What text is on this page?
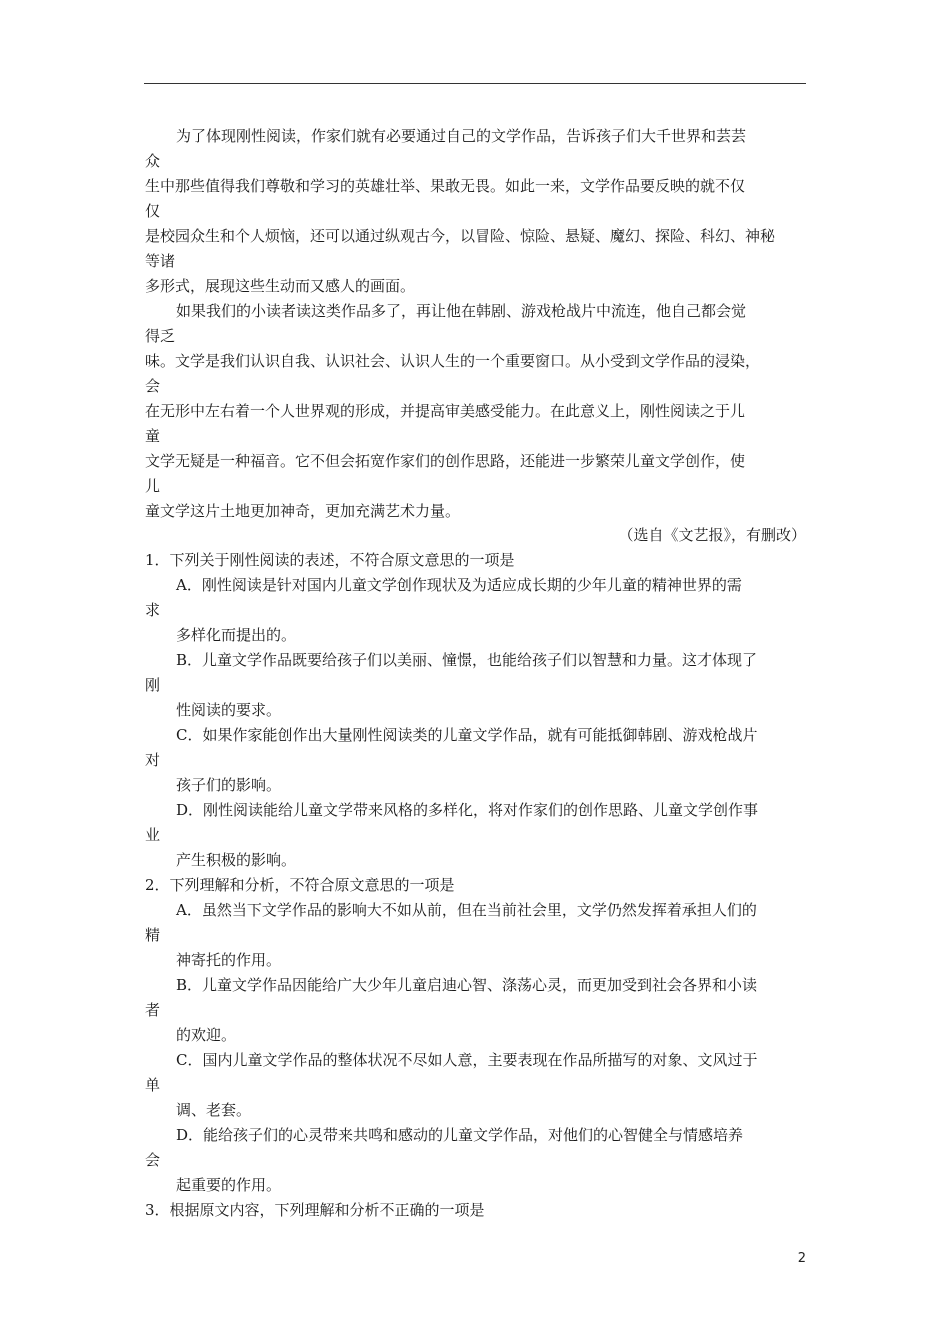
为了体现刚性阅读，作家们就有必要通过自己的文学作品，告诉孩子们大千世界和芸芸
众
生中那些值得我们尊敬和学习的英雄壮举、果敢无畏。如此一来，文学作品要反映的就不仅
仅
是校园众生和个人烦恼，还可以通过纵观古今，以冒险、惊险、悬疑、魔幻、探险、科幻、神秘
等诸
多形式，展现这些生动而又感人的画面。
如果我们的小读者读这类作品多了，再让他在韩剧、游戏枪战片中流连，他自己都会觉
得乏
味。文学是我们认识自我、认识社会、认识人生的一个重要窗口。从小受到文学作品的浸染，
会
在无形中左右着一个人世界观的形成，并提高审美感受能力。在此意义上，刚性阅读之于儿
童
文学无疑是一种福音。它不但会拓宽作家们的创作思路，还能进一步繁荣儿童文学创作，使
儿
童文学这片土地更加神奇，更加充满艺术力量。
（选自《文艺报》，有删改）
1．下列关于刚性阅读的表述，不符合原文意思的一项是
A．刚性阅读是针对国内儿童文学创作现状及为适应成长期的少年儿童的精神世界的需
求
多样化而提出的。
B．儿童文学作品既要给孩子们以美丽、憧憬，也能给孩子们以智慧和力量。这才体现了
刚
性阅读的要求。
C．如果作家能创作出大量刚性阅读类的儿童文学作品，就有可能抵御韩剧、游戏枪战片
对
孩子们的影响。
D．刚性阅读能给儿童文学带来风格的多样化，将对作家们的创作思路、儿童文学创作事
业
产生积极的影响。
2．下列理解和分析，不符合原文意思的一项是
A．虽然当下文学作品的影响大不如从前，但在当前社会里，文学仍然发挥着承担人们的
精
神寄托的作用。
B．儿童文学作品因能给广大少年儿童启迪心智、涤荡心灵，而更加受到社会各界和小读
者
的欢迎。
C．国内儿童文学作品的整体状况不尽如人意，主要表现在作品所描写的对象、文风过于
单
调、老套。
D．能给孩子们的心灵带来共鸣和感动的儿童文学作品，对他们的心智健全与情感培养
会
起重要的作用。
3．根据原文内容，下列理解和分析不正确的一项是
2
